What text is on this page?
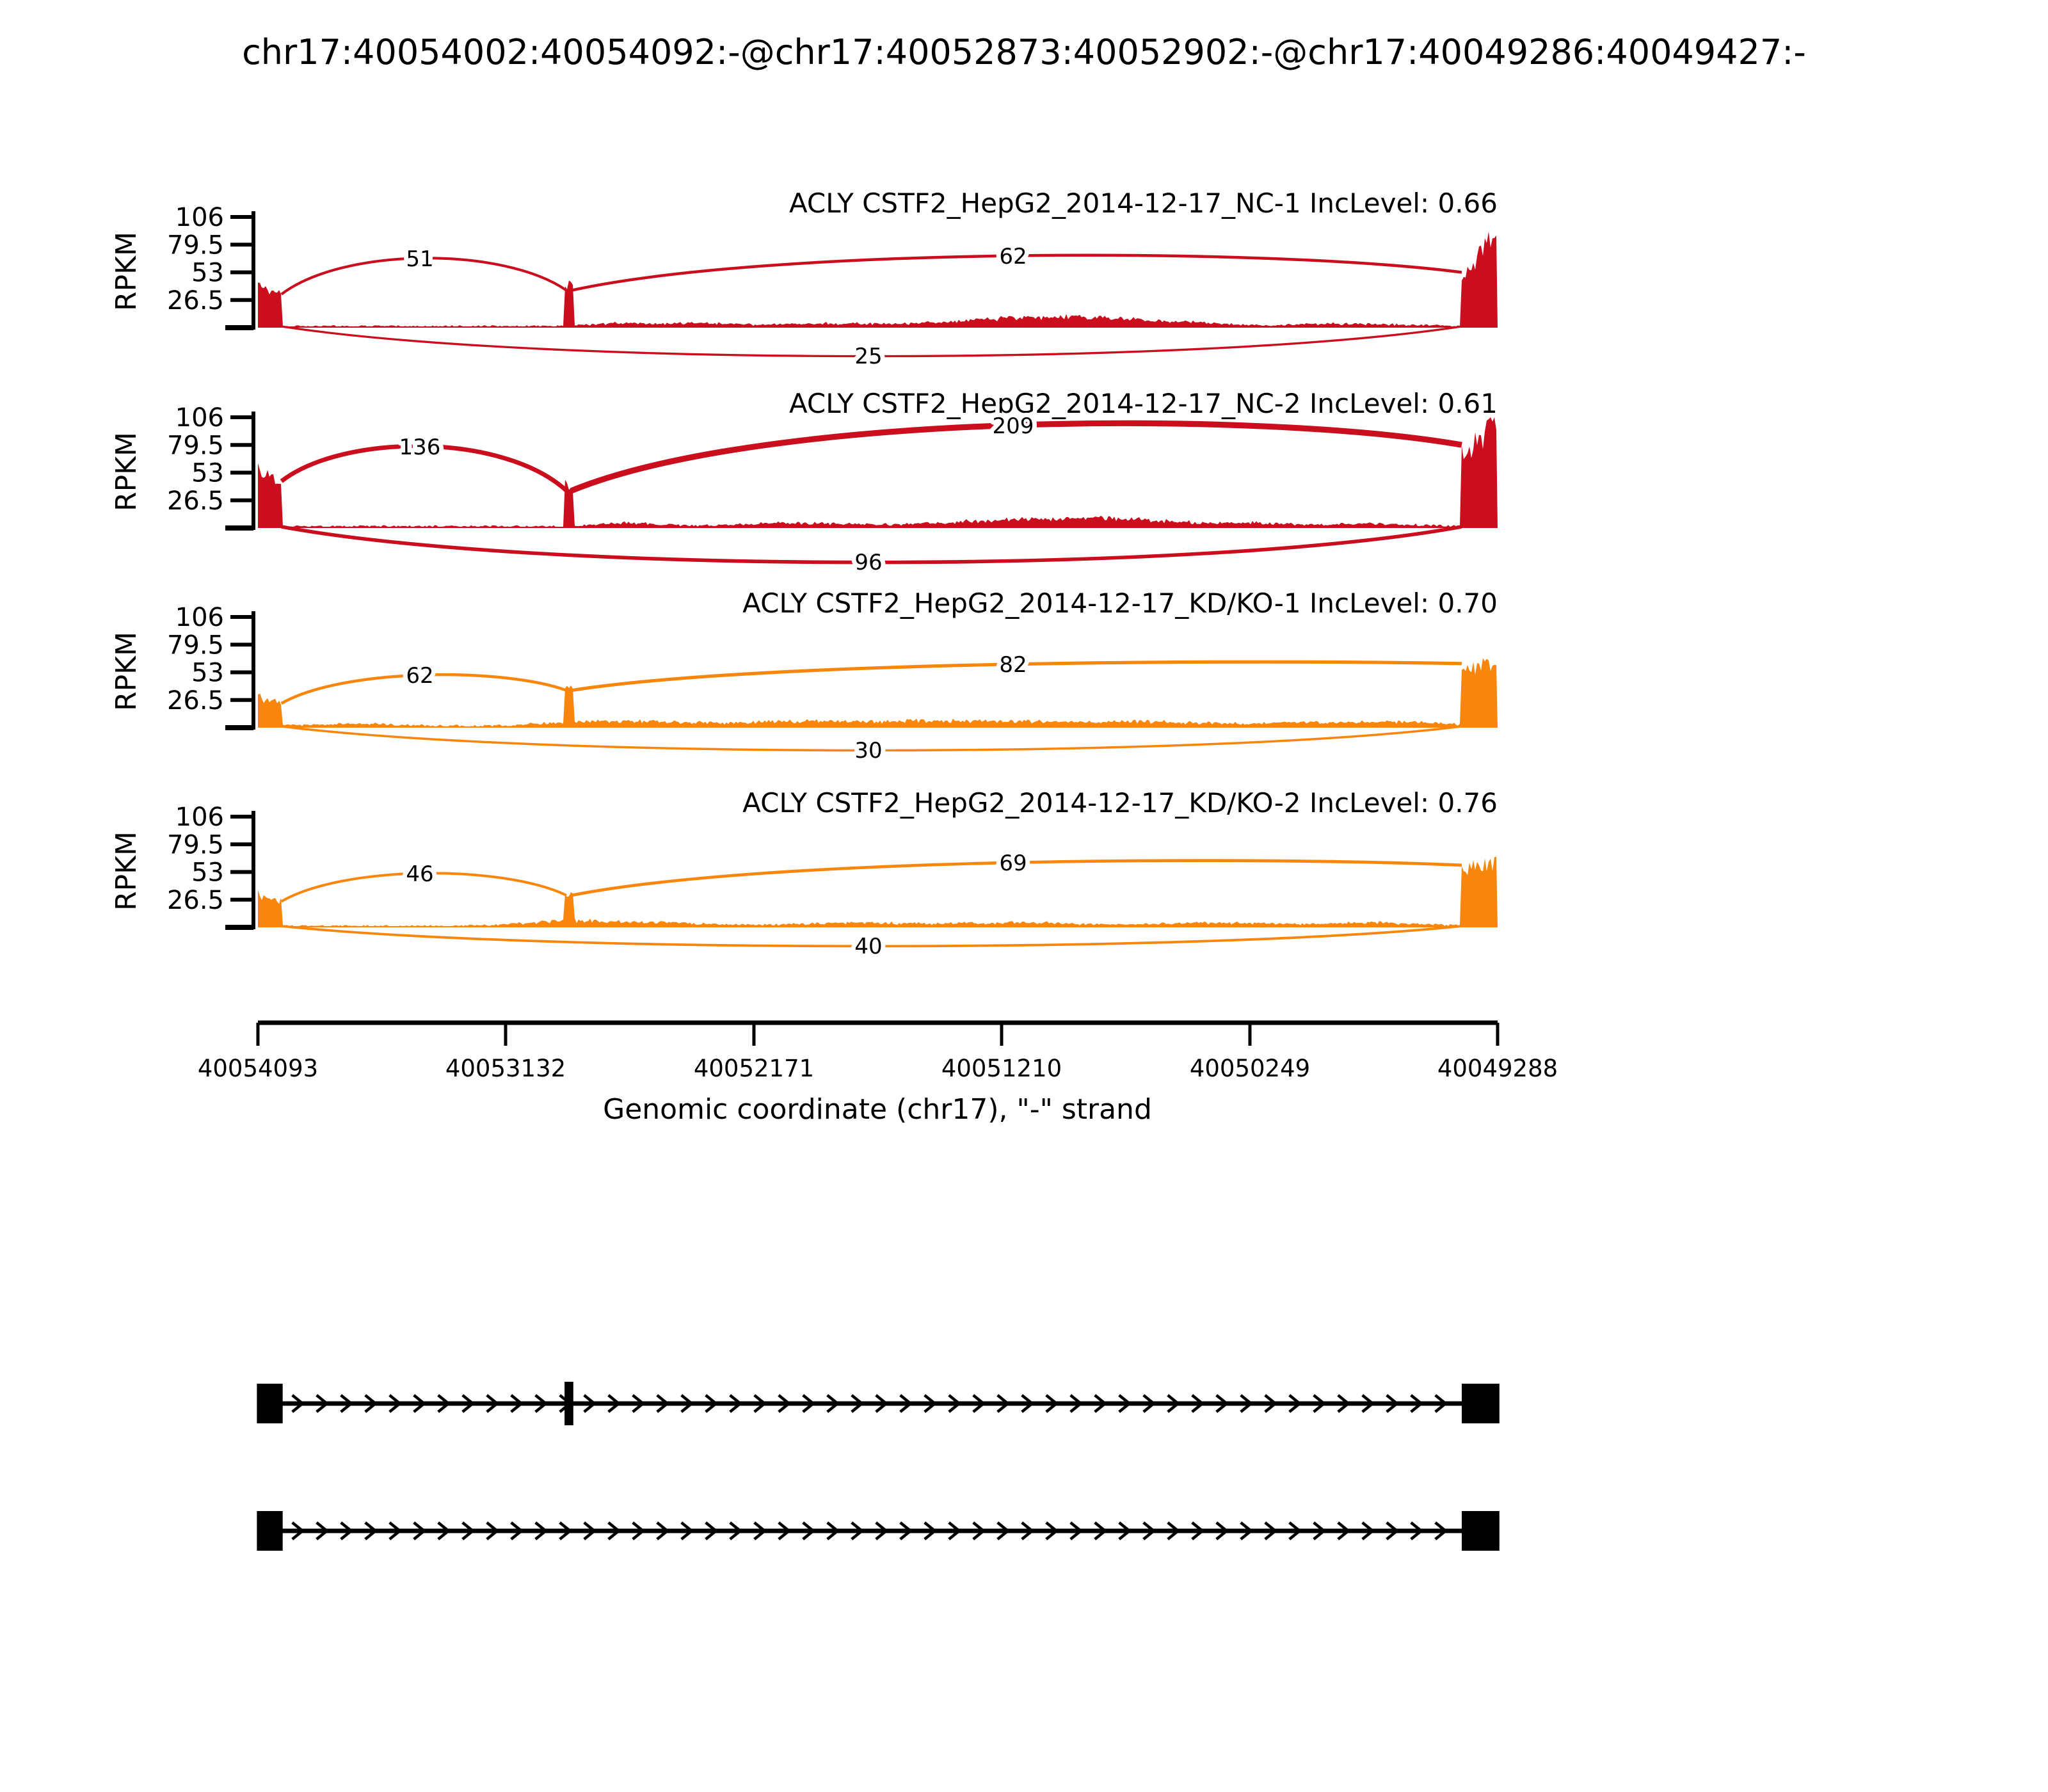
chr17:40054002:40054092:-@chr17:40052873:40052902:-@chr17:40049286:40049427:-
106
79.5
53
26.5
RPKM
ACLY CSTF2_HepG2_2014-12-17_NC-1 IncLevel: 0.66
51	62
25
106
79.5
53
26.5
RPKM
ACLY CSTF2_HepG2_2014-12-17_NC-2 IncLevel: 0.61
136
209
96
106
79.5
53
26.5
RPKM
ACLY CSTF2_HepG2_2014-12-17_KD/KO-1 IncLevel: 0.70
62	82
30
106
79.5
53
26.5
RPKM
ACLY CSTF2_HepG2_2014-12-17_KD/KO-2 IncLevel: 0.76
46	69
40
40054093	40053132	40052171	40051210	40050249	40049288
Genomic coordinate (chr17), "-" strand
